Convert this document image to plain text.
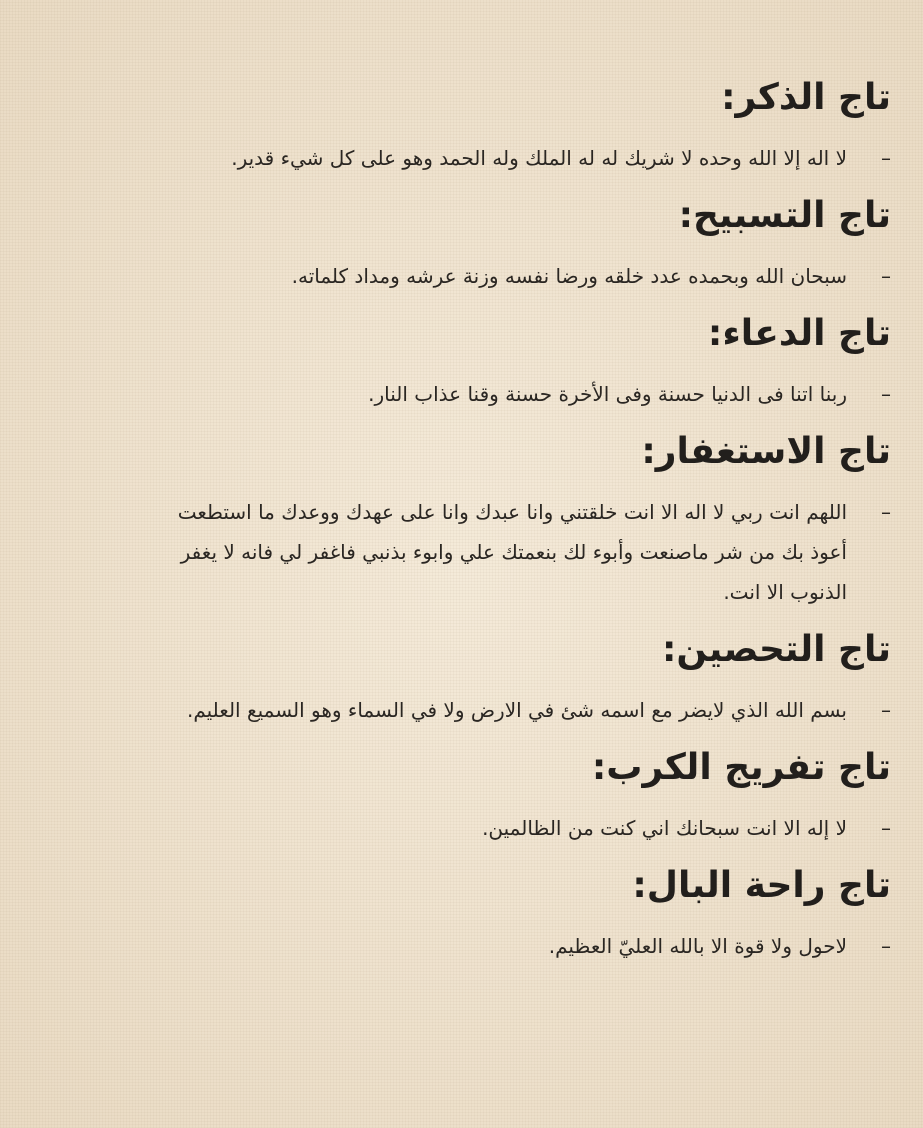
تاج الذكر:
–

لا اله إلا الله وحده لا شريك له له الملك وله الحمد وهو على كل شيء قدير.

تاج التسبيح:
–

سبحان الله وبحمده عدد خلقه ورضا نفسه وزنة عرشه ومداد كلماته.

تاج الدعاء:
–

ربنا اتنا فى الدنيا حسنة وفى الأخرة حسنة وقنا عذاب النار.

تاج الاستغفار:
–

اللهم انت ربي لا اله الا انت خلقتني وانا عبدك وانا على عهدك ووعدك ما استطعت أعوذ بك من شر ماصنعت وأبوء لك بنعمتك علي وابوء بذنبي فاغفر لي فانه لا يغفر الذنوب الا انت.

تاج التحصين:
–

بسم الله الذي لايضر مع اسمه شئ في الارض ولا في السماء وهو السميع العليم.

تاج تفريج الكرب:
–

لا إله الا انت سبحانك اني كنت من الظالمين.

تاج راحة البال:
–

لاحول ولا قوة الا بالله العليّ العظيم.
